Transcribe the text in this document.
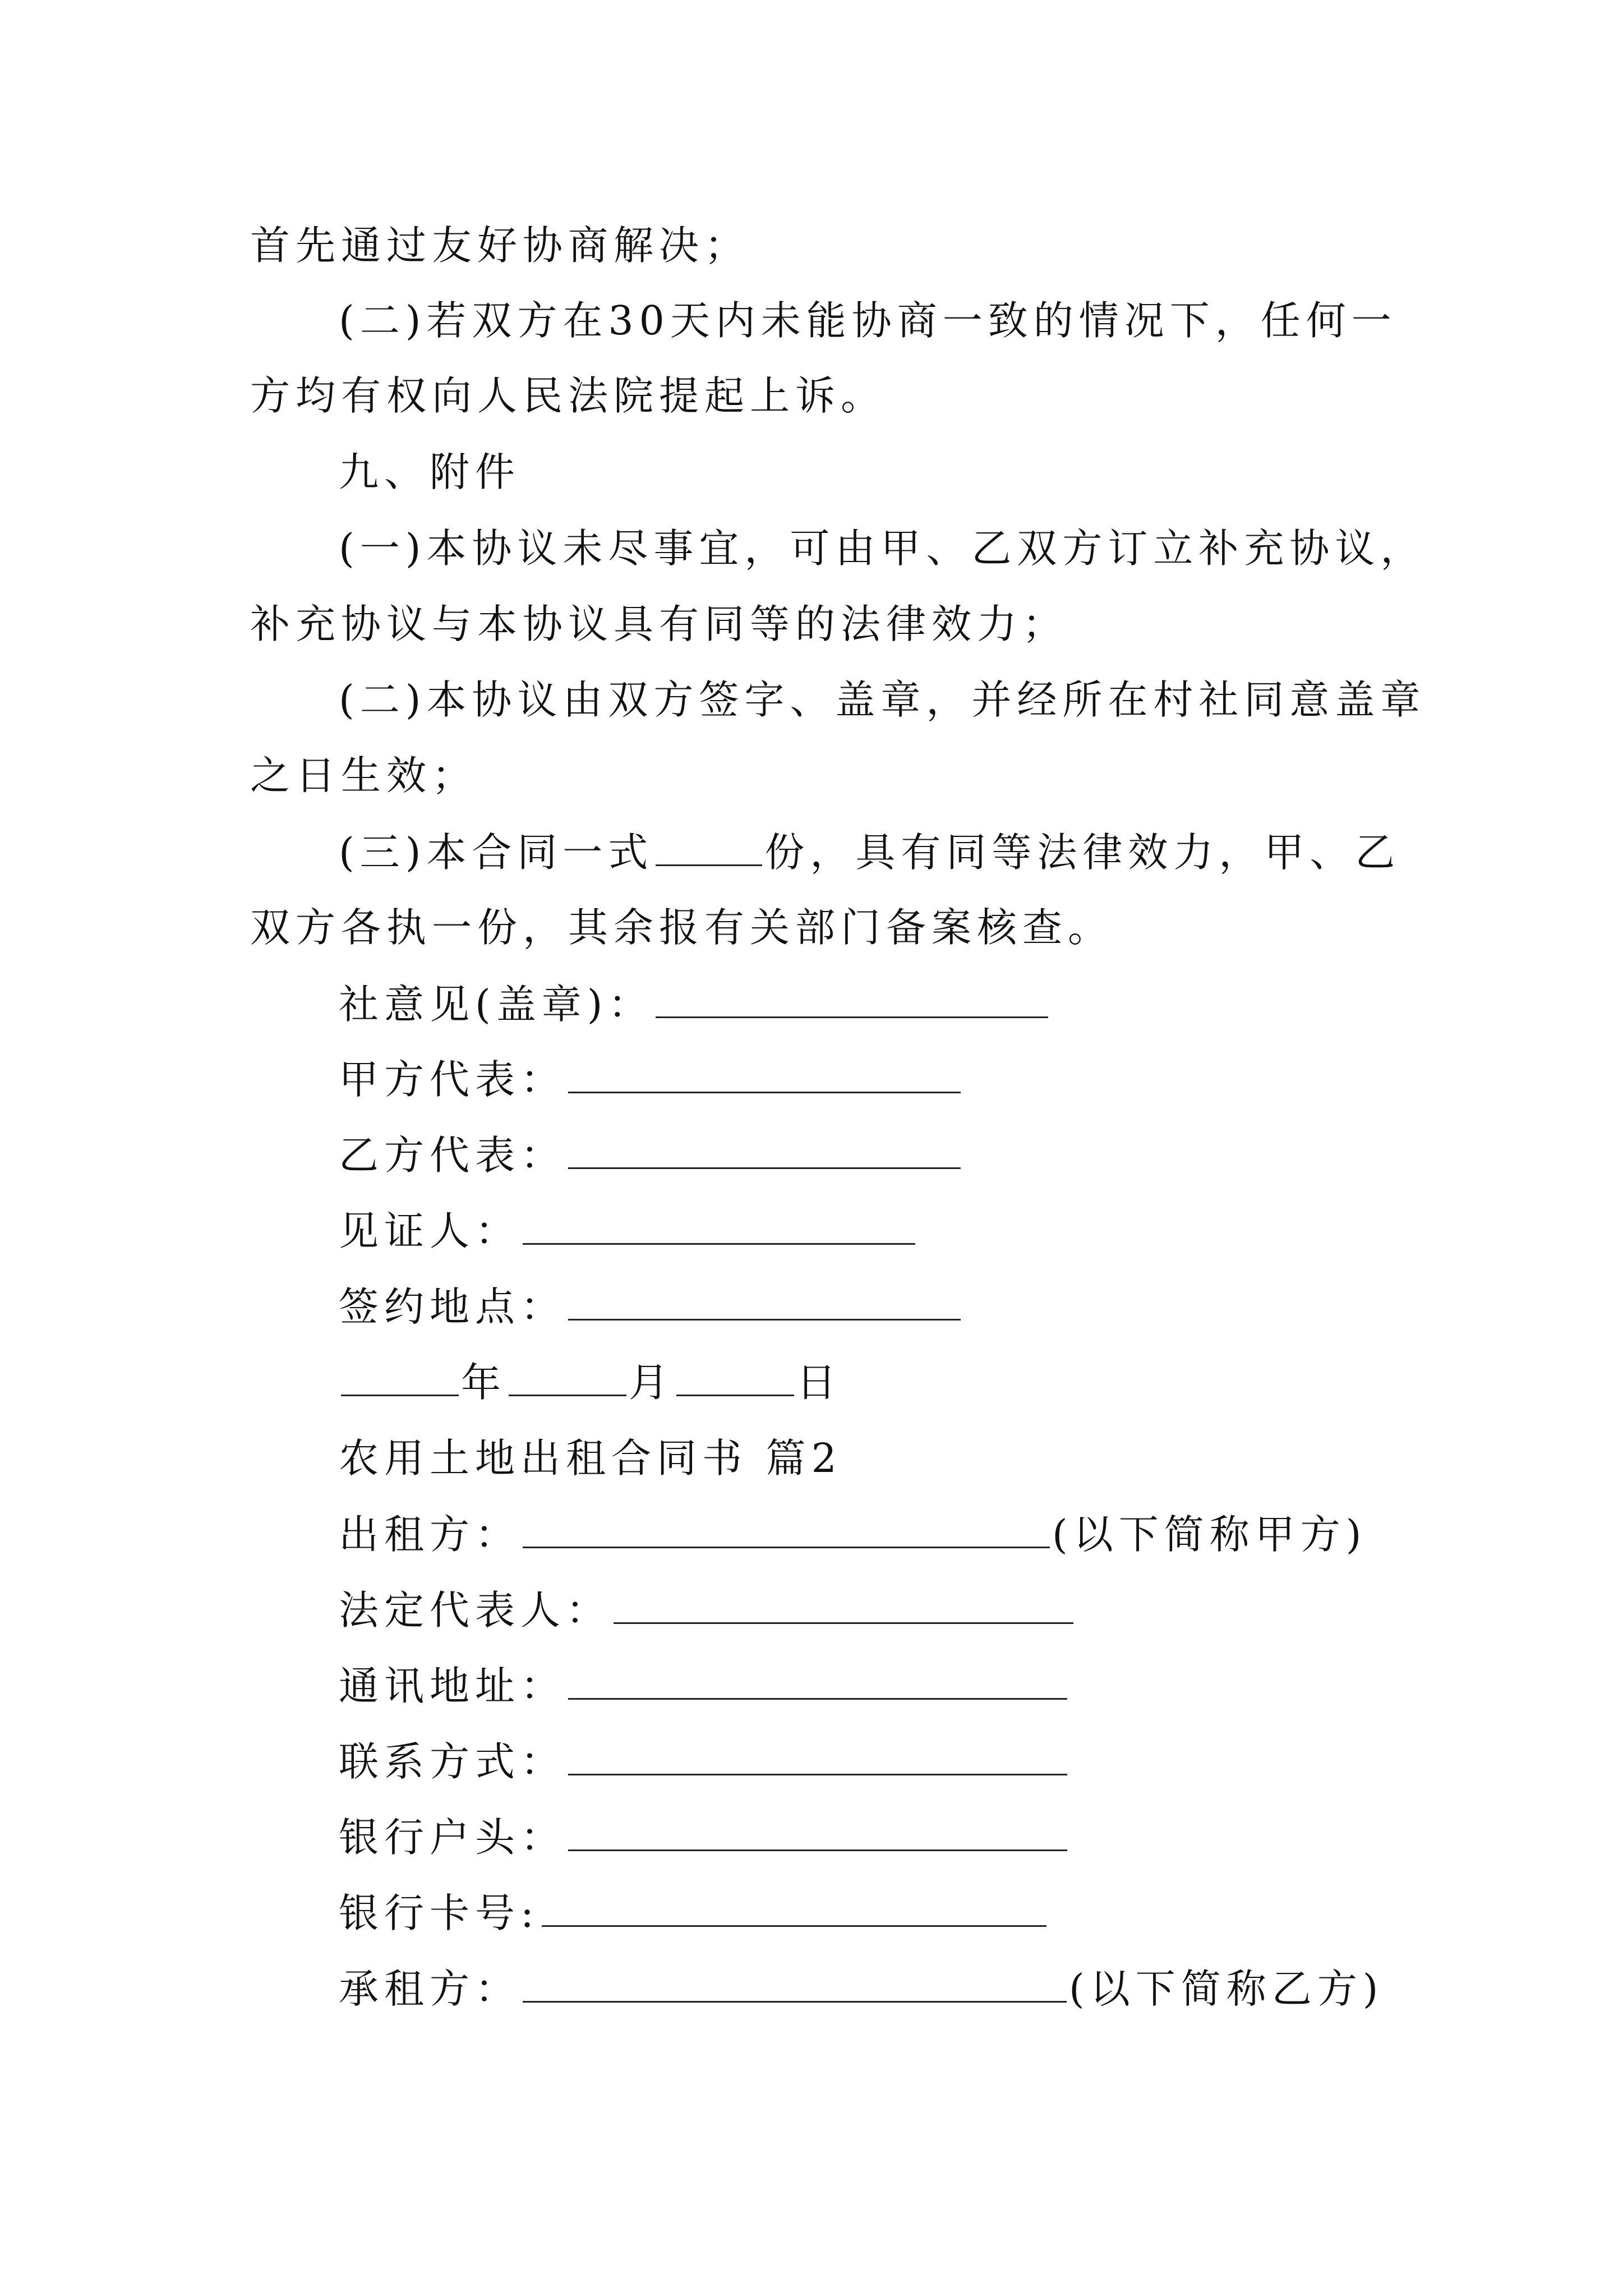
首先通过友好协商解决；
(二)若双方在30天内未能协商一致的情况下，任何一
方均有权向人民法院提起上诉。
九、附件
(一)本协议未尽事宜，可由甲、乙双方订立补充协议，
补充协议与本协议具有同等的法律效力；
(二)本协议由双方签字、盖章，并经所在村社同意盖章
之日生效；
(三)本合同一式	份，具有同等法律效力，甲、乙
双方各执一份，其余报有关部门备案核查。
社意见(盖章)：
甲方代表：
乙方代表：
见证人：
签约地点：
年	月	日
农用土地出租合同书 篇2
出租方：	(以下简称甲方)
法定代表人：
通讯地址：
联系方式：
银行户头：
银行卡号:
承租方：	(以下简称乙方)
